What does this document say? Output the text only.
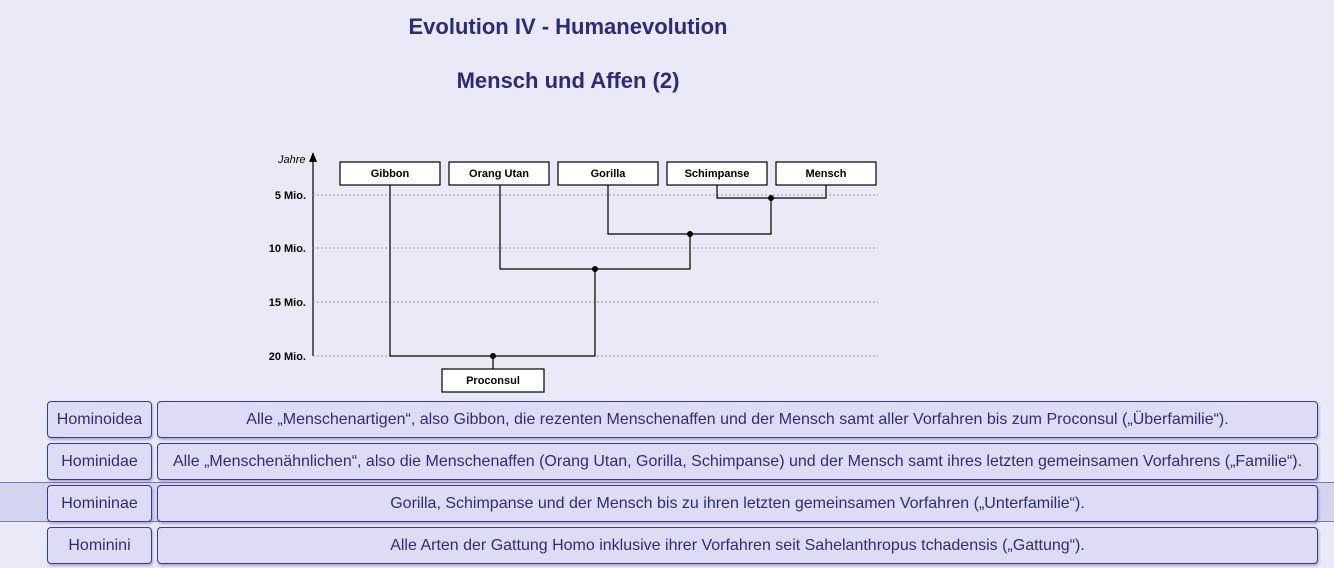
Evolution IV - Humanevolution
Mensch und Affen (2)
Jahre
5 Mio.
10 Mio.
15 Mio.
20 Mio.
Gibbon	Orang Utan	Gorilla	Schimpanse	Mensch
Proconsul
Hominoidea	Alle „Menschenartigen“, also Gibbon, die rezenten Menschenaffen und der Mensch samt aller Vorfahren bis zum Proconsul („Überfamilie“).
Hominidae	Alle „Menschenähnlichen“, also die Menschenaffen (Orang Utan, Gorilla, Schimpanse) und der Mensch samt ihres letzten gemeinsamen Vorfahrens („Familie“).
Homininae	Gorilla, Schimpanse und der Mensch bis zu ihren letzten gemeinsamen Vorfahren („Unterfamilie“).
Hominini	Alle Arten der Gattung Homo inklusive ihrer Vorfahren seit Sahelanthropus tchadensis („Gattung“).
